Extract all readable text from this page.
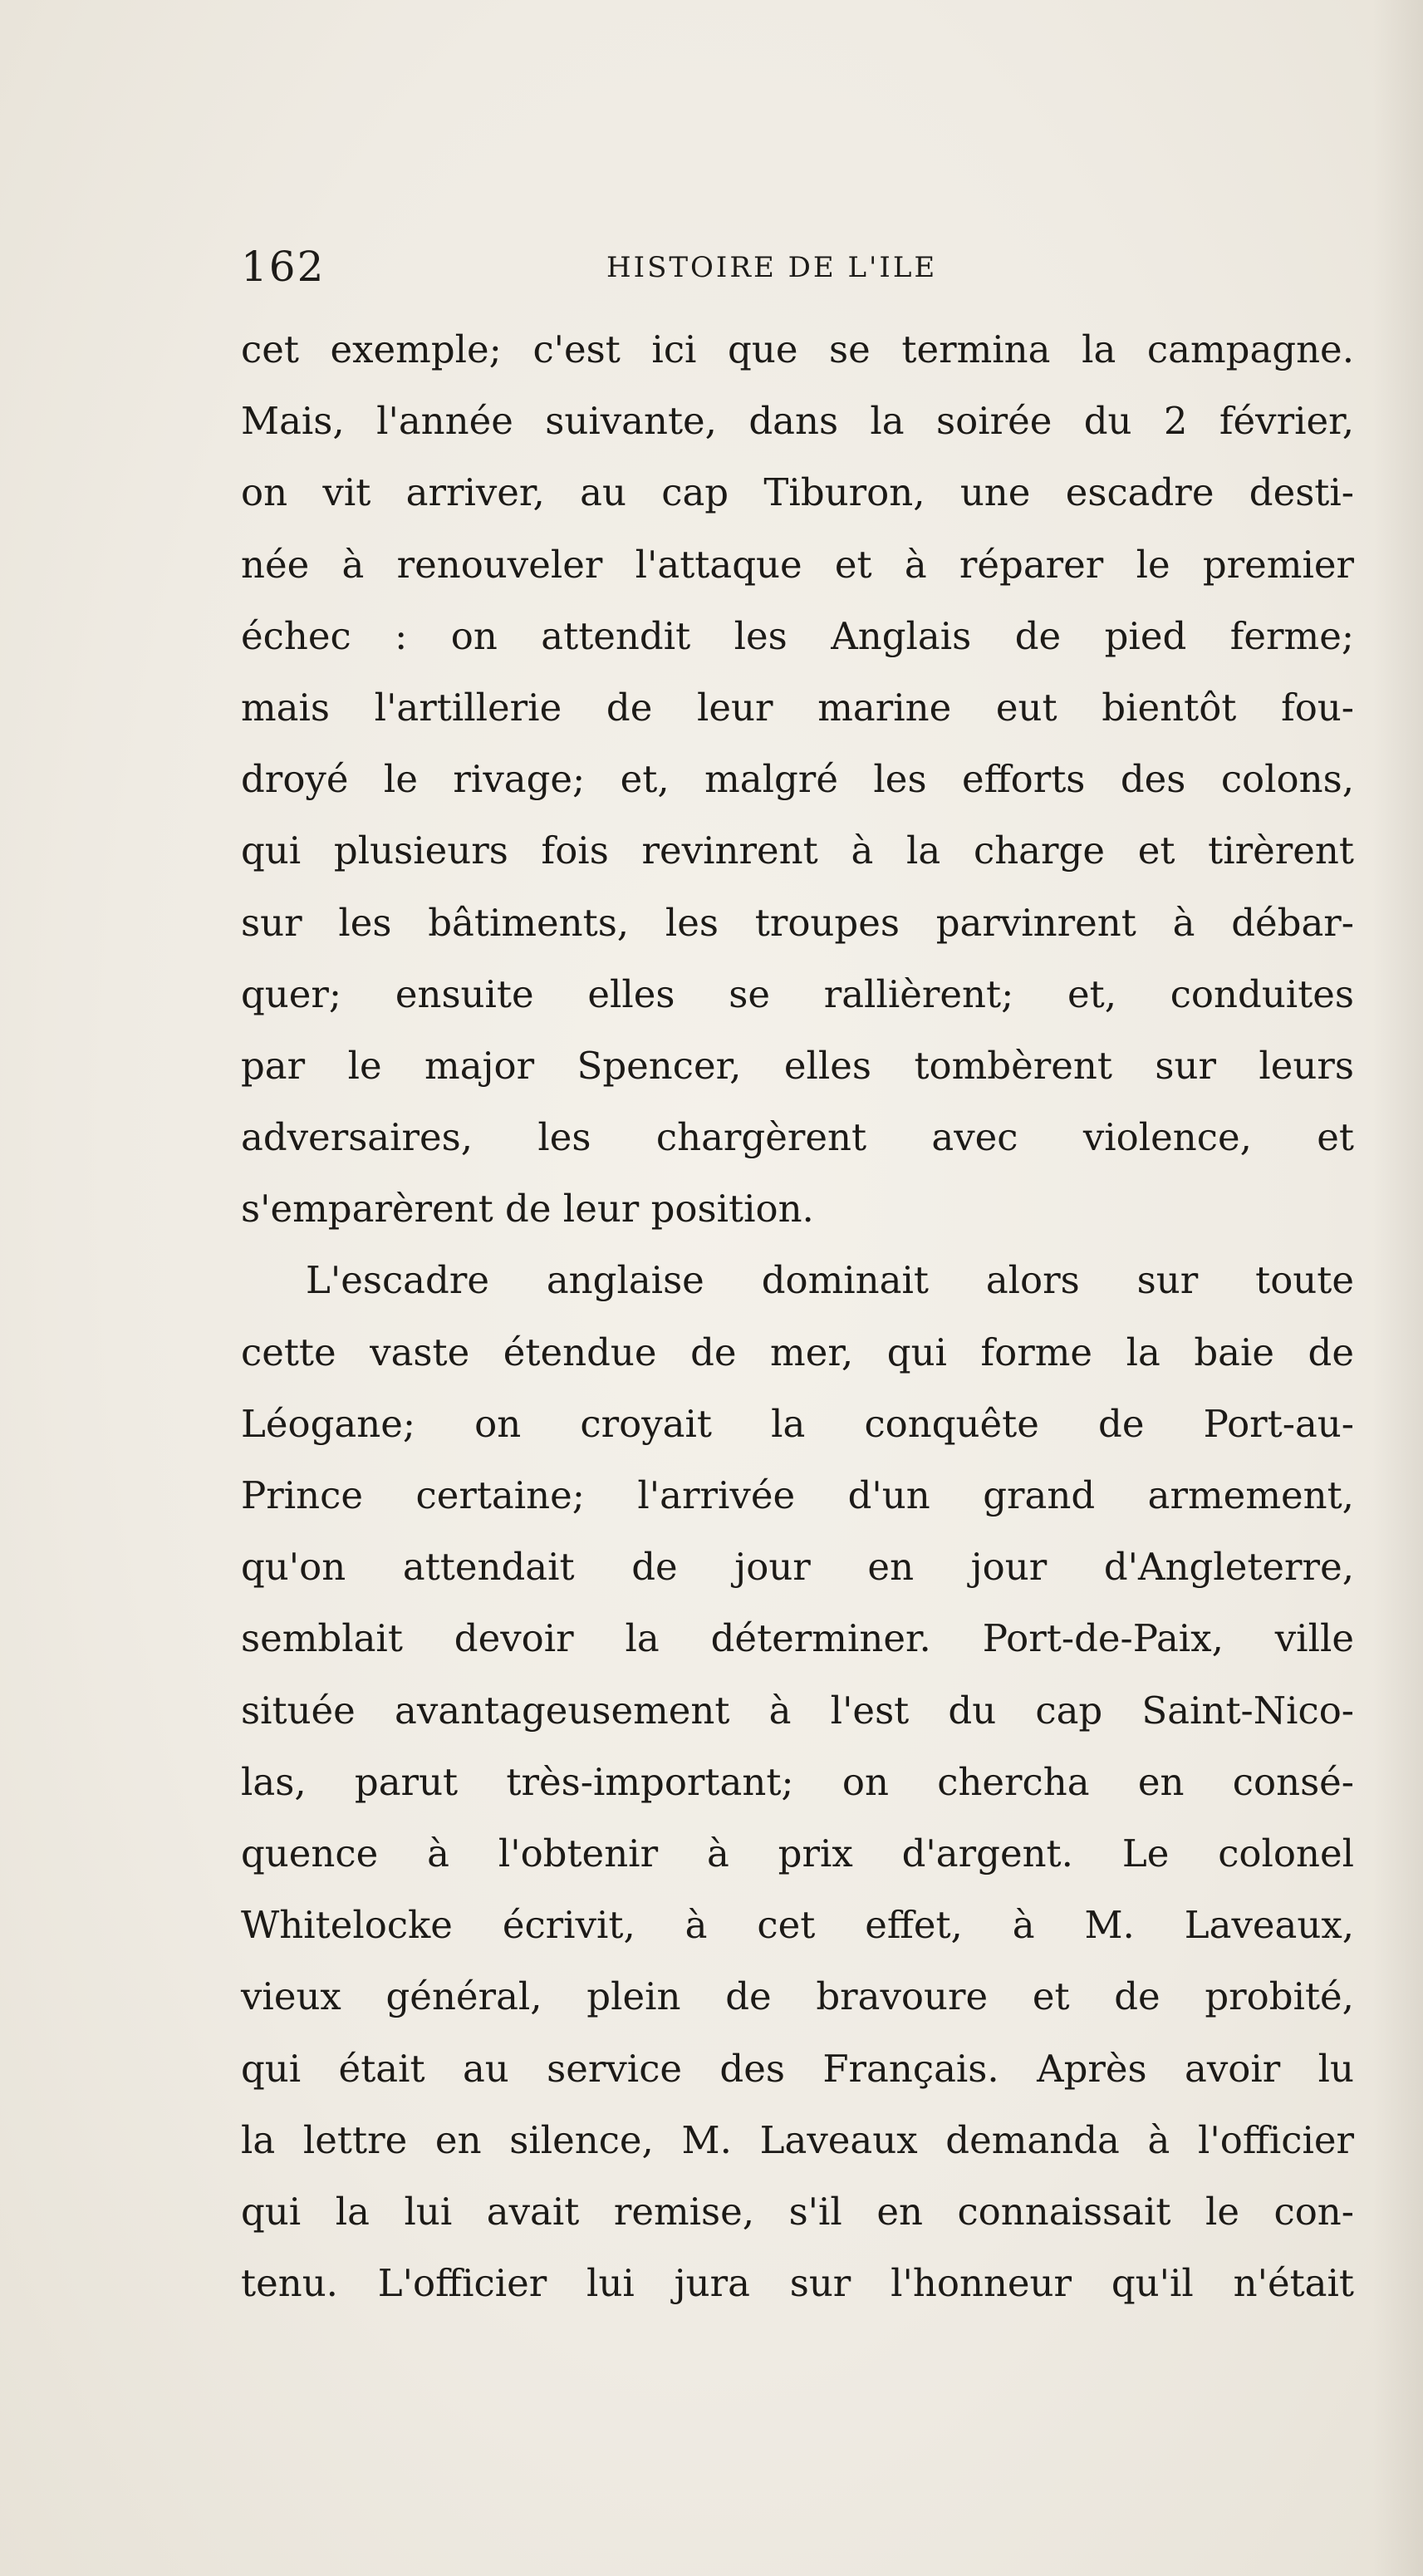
162	HISTOIRE DE L'ILE
cet exemple; c'est ici que se termina la campagne.
Mais, l'année suivante, dans la soirée du 2 février,
on vit arriver, au cap Tiburon, une escadre desti-
née à renouveler l'attaque et à réparer le premier
échec : on attendit les Anglais de pied ferme;
mais l'artillerie de leur marine eut bientôt fou-
droyé le rivage; et, malgré les efforts des colons,
qui plusieurs fois revinrent à la charge et tirèrent
sur les bâtiments, les troupes parvinrent à débar-
quer; ensuite elles se rallièrent; et, conduites
par le major Spencer, elles tombèrent sur leurs
adversaires, les chargèrent avec violence, et
s'emparèrent de leur position.
L'escadre anglaise dominait alors sur toute
cette vaste étendue de mer, qui forme la baie de
Léogane; on croyait la conquête de Port-au-
Prince certaine; l'arrivée d'un grand armement,
qu'on attendait de jour en jour d'Angleterre,
semblait devoir la déterminer. Port-de-Paix, ville
située avantageusement à l'est du cap Saint-Nico-
las, parut très-important; on chercha en consé-
quence à l'obtenir à prix d'argent. Le colonel
Whitelocke écrivit, à cet effet, à M. Laveaux,
vieux général, plein de bravoure et de probité,
qui était au service des Français. Après avoir lu
la lettre en silence, M. Laveaux demanda à l'officier
qui la lui avait remise, s'il en connaissait le con-
tenu. L'officier lui jura sur l'honneur qu'il n'était
